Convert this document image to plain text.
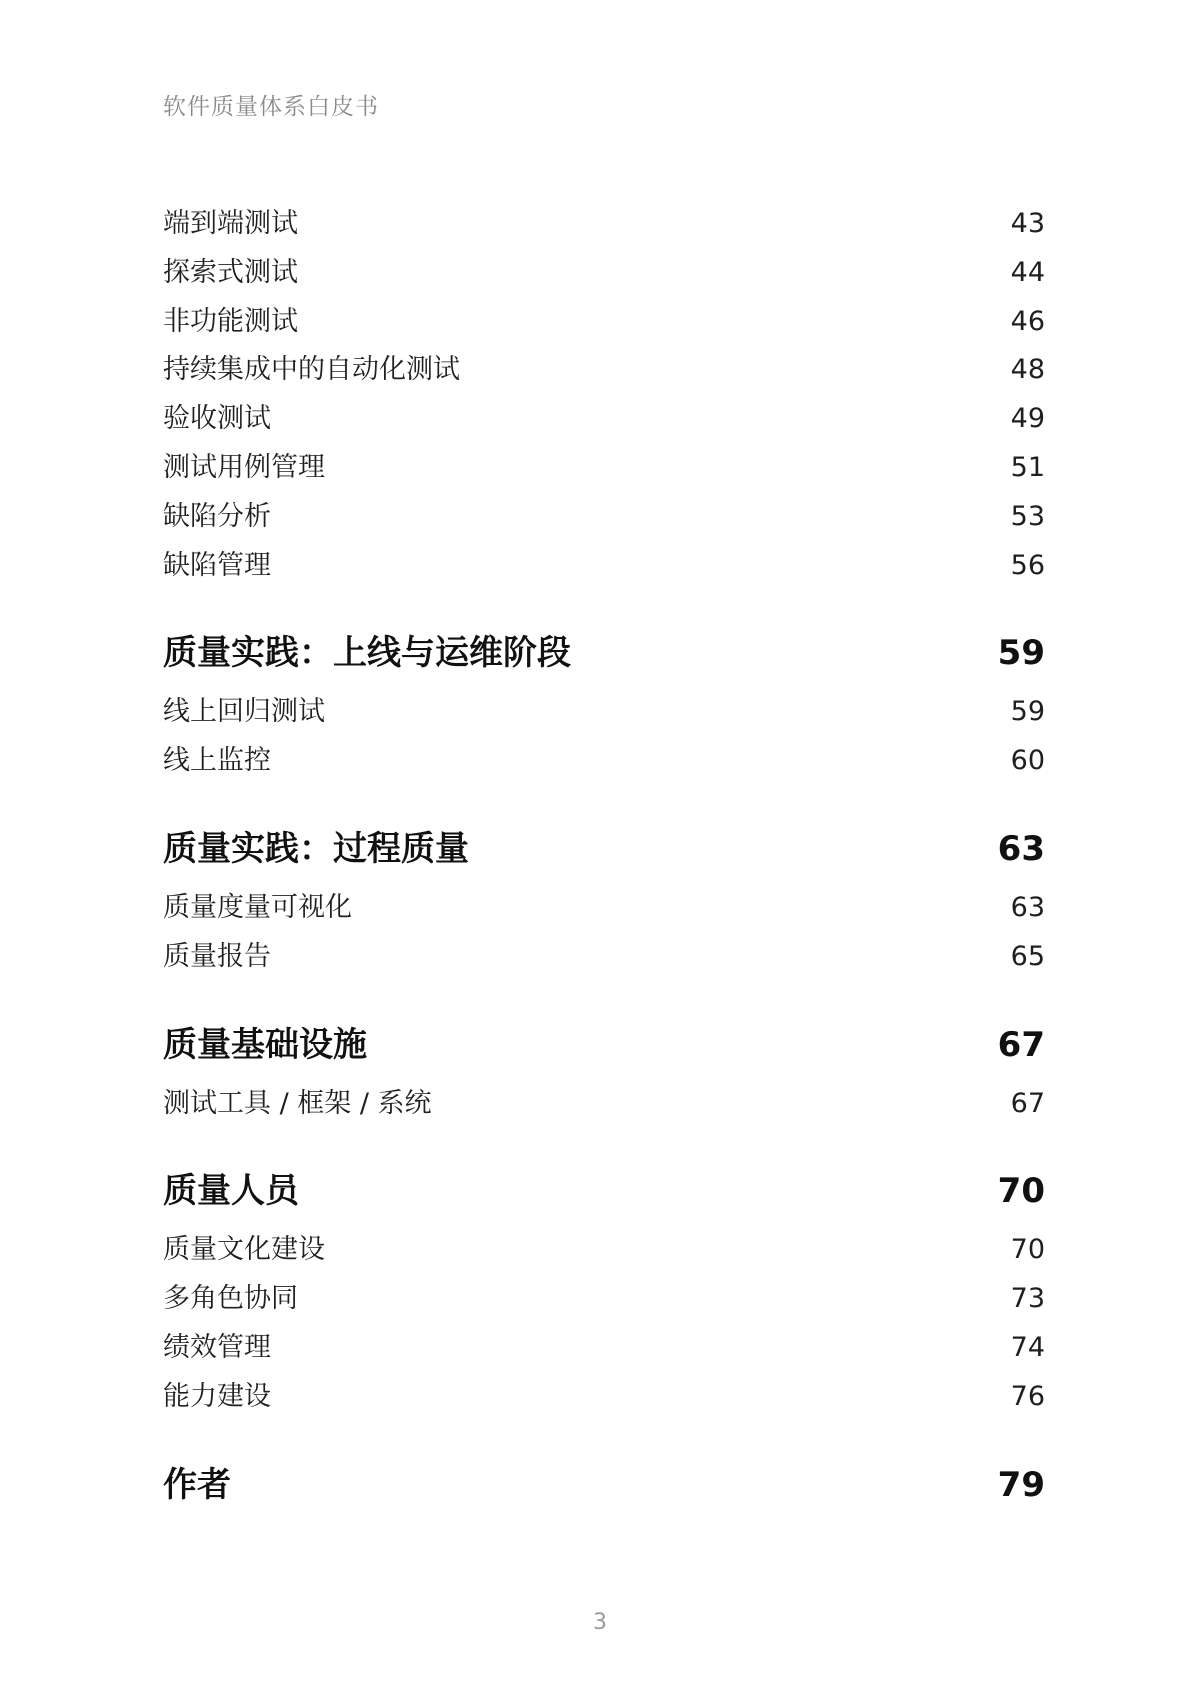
软件质量体系白皮书
端到端测试	43
探索式测试	44
非功能测试	46
持续集成中的自动化测试	48
验收测试	49
测试用例管理	51
缺陷分析	53
缺陷管理	56
质量实践：上线与运维阶段	59
线上回归测试	59
线上监控	60
质量实践：过程质量	63
质量度量可视化	63
质量报告	65
质量基础设施	67
测试工具 / 框架 / 系统	67
质量人员	70
质量文化建设	70
多角色协同	73
绩效管理	74
能力建设	76
作者	79
3
